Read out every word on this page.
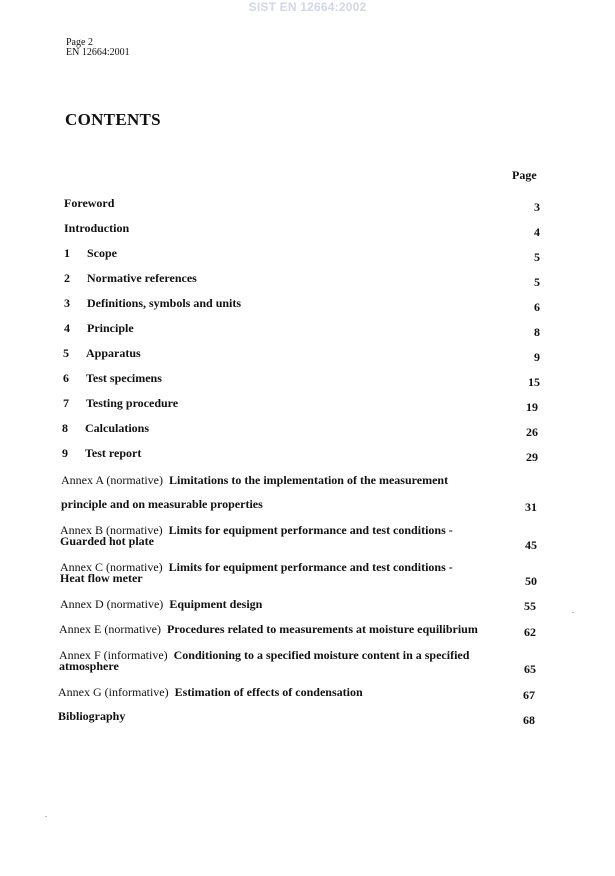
SIST EN 12664:2002
Page 2
EN 12664:2001
CONTENTS
Page
Foreword	3
Introduction	4
1 Scope	5
2 Normative references	5
3 Definitions, symbols and units	6
4 Principle	8
5 Apparatus	9
6 Test specimens	15
7 Testing procedure	19
8 Calculations	26
9 Test report	29
Annex A (normative) Limitations to the implementation of the measurement
principle and on measurable properties	31
Annex B (normative) Limits for equipment performance and test conditions -
Guarded hot plate	45
Annex C (normative) Limits for equipment performance and test conditions -
Heat flow meter	50
Annex D (normative) Equipment design	55
Annex E (normative) Procedures related to measurements at moisture equilibrium	62
Annex F (informative) Conditioning to a specified moisture content in a specified
atmosphere	65
Annex G (informative) Estimation of effects of condensation	67
Bibliography	68
